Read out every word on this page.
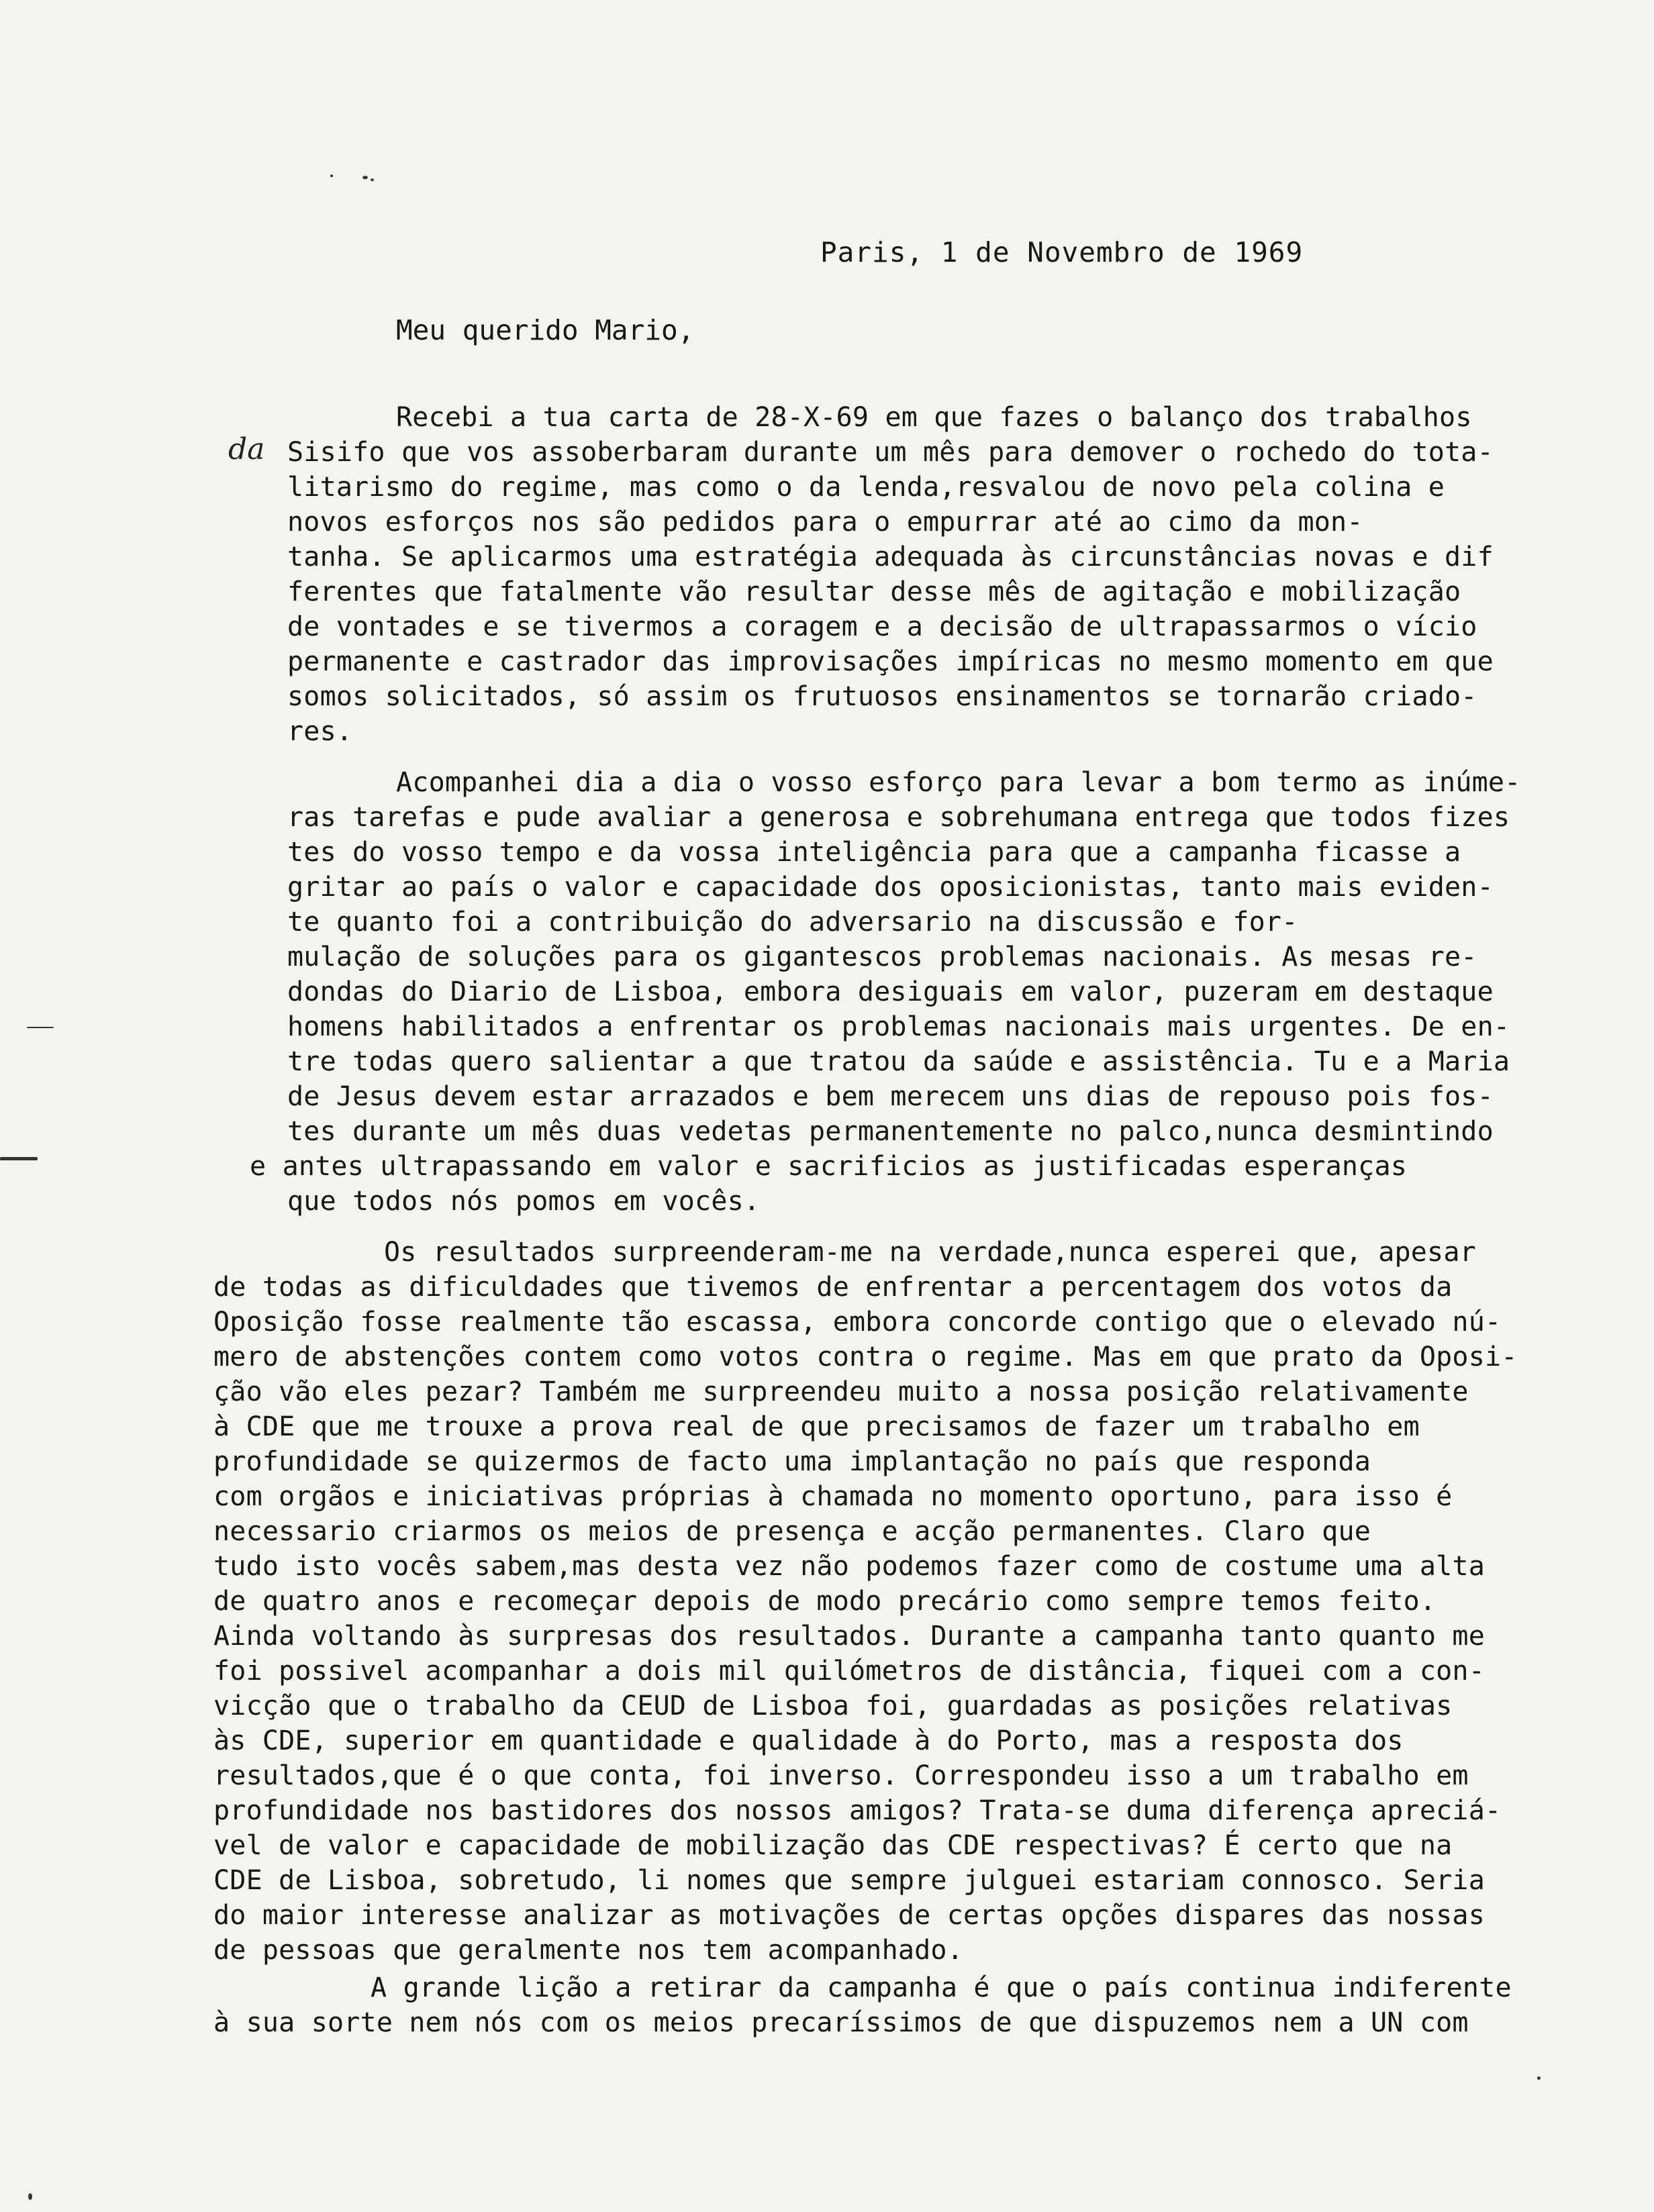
Paris, 1 de Novembro de 1969
Meu querido Mario,
da
Recebi a tua carta de 28-X-69 em que fazes o balanço dos trabalhos
Sisifo que vos assoberbaram durante um mês para demover o rochedo do tota-
litarismo do regime, mas como o da lenda,resvalou de novo pela colina e
novos esforços nos são pedidos para o empurrar até ao cimo da mon-
tanha. Se aplicarmos uma estratégia adequada às circunstâncias novas e dif
ferentes que fatalmente vão resultar desse mês de agitação e mobilização
de vontades e se tivermos a coragem e a decisão de ultrapassarmos o vício
permanente e castrador das improvisações impíricas no mesmo momento em que
somos solicitados, só assim os frutuosos ensinamentos se tornarão criado-
res.
Acompanhei dia a dia o vosso esforço para levar a bom termo as inúme-
ras tarefas e pude avaliar a generosa e sobrehumana entrega que todos fizes
tes do vosso tempo e da vossa inteligência para que a campanha ficasse a
gritar ao país o valor e capacidade dos oposicionistas, tanto mais eviden-
te quanto foi a contribuição do adversario na discussão e for-
mulação de soluções para os gigantescos problemas nacionais. As mesas re-
dondas do Diario de Lisboa, embora desiguais em valor, puzeram em destaque
homens habilitados a enfrentar os problemas nacionais mais urgentes. De en-
tre todas quero salientar a que tratou da saúde e assistência. Tu e a Maria
de Jesus devem estar arrazados e bem merecem uns dias de repouso pois fos-
tes durante um mês duas vedetas permanentemente no palco,nunca desmintindo
e antes ultrapassando em valor e sacrificios as justificadas esperanças
que todos nós pomos em vocês.
Os resultados surpreenderam-me na verdade,nunca esperei que, apesar
de todas as dificuldades que tivemos de enfrentar a percentagem dos votos da
Oposição fosse realmente tão escassa, embora concorde contigo que o elevado nú-
mero de abstenções contem como votos contra o regime. Mas em que prato da Oposi-
ção vão eles pezar? Também me surpreendeu muito a nossa posição relativamente
à CDE que me trouxe a prova real de que precisamos de fazer um trabalho em
profundidade se quizermos de facto uma implantação no país que responda
com orgãos e iniciativas próprias à chamada no momento oportuno, para isso é
necessario criarmos os meios de presença e acção permanentes. Claro que
tudo isto vocês sabem,mas desta vez não podemos fazer como de costume uma alta
de quatro anos e recomeçar depois de modo precário como sempre temos feito.
Ainda voltando às surpresas dos resultados. Durante a campanha tanto quanto me
foi possivel acompanhar a dois mil quilómetros de distância, fiquei com a con-
vicção que o trabalho da CEUD de Lisboa foi, guardadas as posições relativas
às CDE, superior em quantidade e qualidade à do Porto, mas a resposta dos
resultados,que é o que conta, foi inverso. Correspondeu isso a um trabalho em
profundidade nos bastidores dos nossos amigos? Trata-se duma diferença apreciá-
vel de valor e capacidade de mobilização das CDE respectivas? É certo que na
CDE de Lisboa, sobretudo, li nomes que sempre julguei estariam connosco. Seria
do maior interesse analizar as motivações de certas opções dispares das nossas
de pessoas que geralmente nos tem acompanhado.
A grande lição a retirar da campanha é que o país continua indiferente
à sua sorte nem nós com os meios precaríssimos de que dispuzemos nem a UN com
